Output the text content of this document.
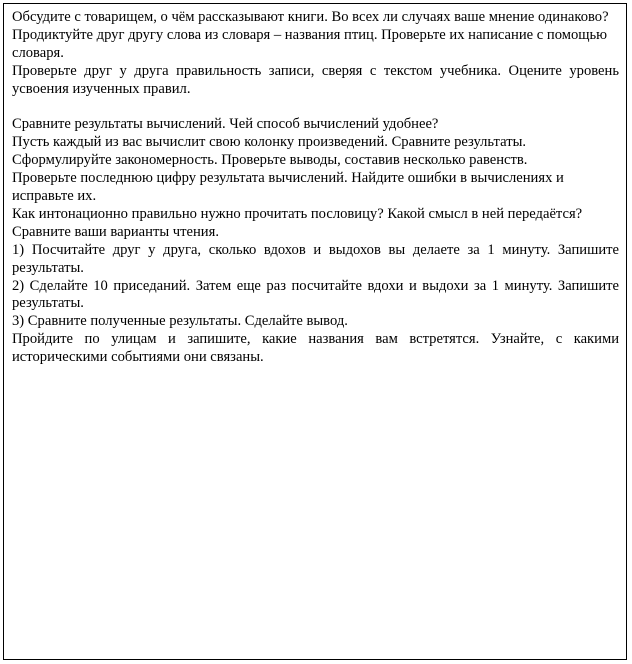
Обсудите с товарищем, о чём рассказывают книги. Во всех ли случаях ваше мнение одинаково?

Продиктуйте друг другу слова из словаря – названия птиц. Проверьте их написание с помощью словаря.

Проверьте друг у друга правильность записи, сверяя с текстом учебника. Оцените уровень усвоения изученных правил.

Сравните результаты вычислений. Чей способ вычислений удобнее?

Пусть каждый из вас вычислит свою колонку произведений. Сравните результаты.

Сформулируйте закономерность. Проверьте выводы, составив несколько равенств.

Проверьте последнюю цифру результата вычислений. Найдите ошибки в вычислениях и исправьте их.

Как интонационно правильно нужно прочитать пословицу? Какой смысл в ней передаётся? Сравните ваши варианты чтения.

1) Посчитайте друг у друга, сколько вдохов и выдохов вы делаете за 1 минуту. Запишите результаты.

2) Сделайте 10 приседаний. Затем еще раз посчитайте вдохи и выдохи за 1 минуту. Запишите результаты.

3) Сравните полученные результаты. Сделайте вывод.

Пройдите по улицам и запишите, какие названия вам встретятся. Узнайте, с какими историческими событиями они связаны.
